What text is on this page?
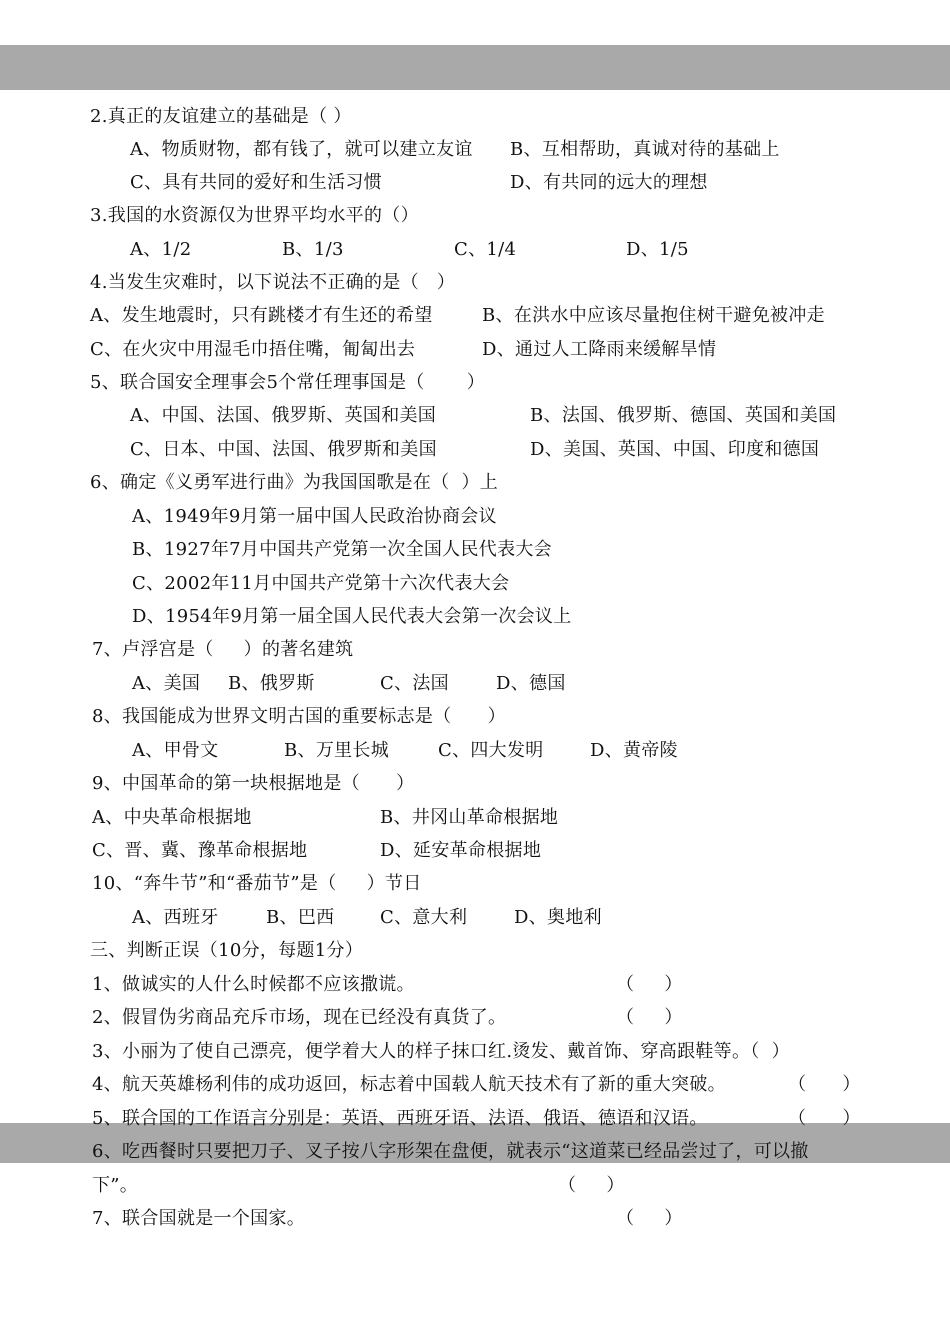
2.真正的友谊建立的基础是（ ）

A、物质财物，都有钱了，就可以建立友谊

B、互相帮助，真诚对待的基础上

C、具有共同的爱好和生活习惯

	D、有共同的远大的理想

3.我国的水资源仅为世界平均水平的（）

A、1/2

	B、1/3

	C、1/4

	D、1/5

4.当发生灾难时，以下说法不正确的是（   ）

A、发生地震时，只有跳楼才有生还的希望

	B、在洪水中应该尽量抱住树干避免被冲走

C、在火灾中用湿毛巾捂住嘴，匍匐出去

	D、通过人工降雨来缓解旱情

5、联合国安全理事会5个常任理事国是（       ）

A、中国、法国、俄罗斯、英国和美国

	B、法国、俄罗斯、德国、英国和美国

C、日本、中国、法国、俄罗斯和美国

	D、美国、英国、中国、印度和德国

6、确定《义勇军进行曲》为我国国歌是在（  ）上
A、1949年9月第一届中国人民政治协商会议
B、1927年7月中国共产党第一次全国人民代表大会
C、2002年11月中国共产党第十六次代表大会
D、1954年9月第一届全国人民代表大会第一次会议上
7、卢浮宫是（     ）的著名建筑

A、美国

B、俄罗斯

	C、法国

	D、德国

8、我国能成为世界文明古国的重要标志是（      ）

A、甲骨文

	B、万里长城

	C、四大发明

	D、黄帝陵

9、中国革命的第一块根据地是（      ）

A、中央革命根据地

	B、井冈山革命根据地

C、晋、冀、豫革命根据地

	D、延安革命根据地

10、“奔牛节”和“番茄节”是（     ）节日

A、西班牙

	B、巴西

	C、意大利

	D、奥地利

三、判断正误（10分，每题1分）

1、做诚实的人什么时候都不应该撒谎。

	（     ）

2、假冒伪劣商品充斥市场，现在已经没有真货了。

	（     ）

3、小丽为了使自己漂亮，便学着大人的样子抹口红.烫发、戴首饰、穿高跟鞋等。（  ）

4、航天英雄杨利伟的成功返回，标志着中国载人航天技术有了新的重大突破。

	（      ）

5、联合国的工作语言分别是：英语、西班牙语、法语、俄语、德语和汉语。

	（      ）

6、吃西餐时只要把刀子、叉子按八字形架在盘便，就表示“这道菜已经品尝过了，可以撤

下”。

	（     ）

7、联合国就是一个国家。

	（     ）
